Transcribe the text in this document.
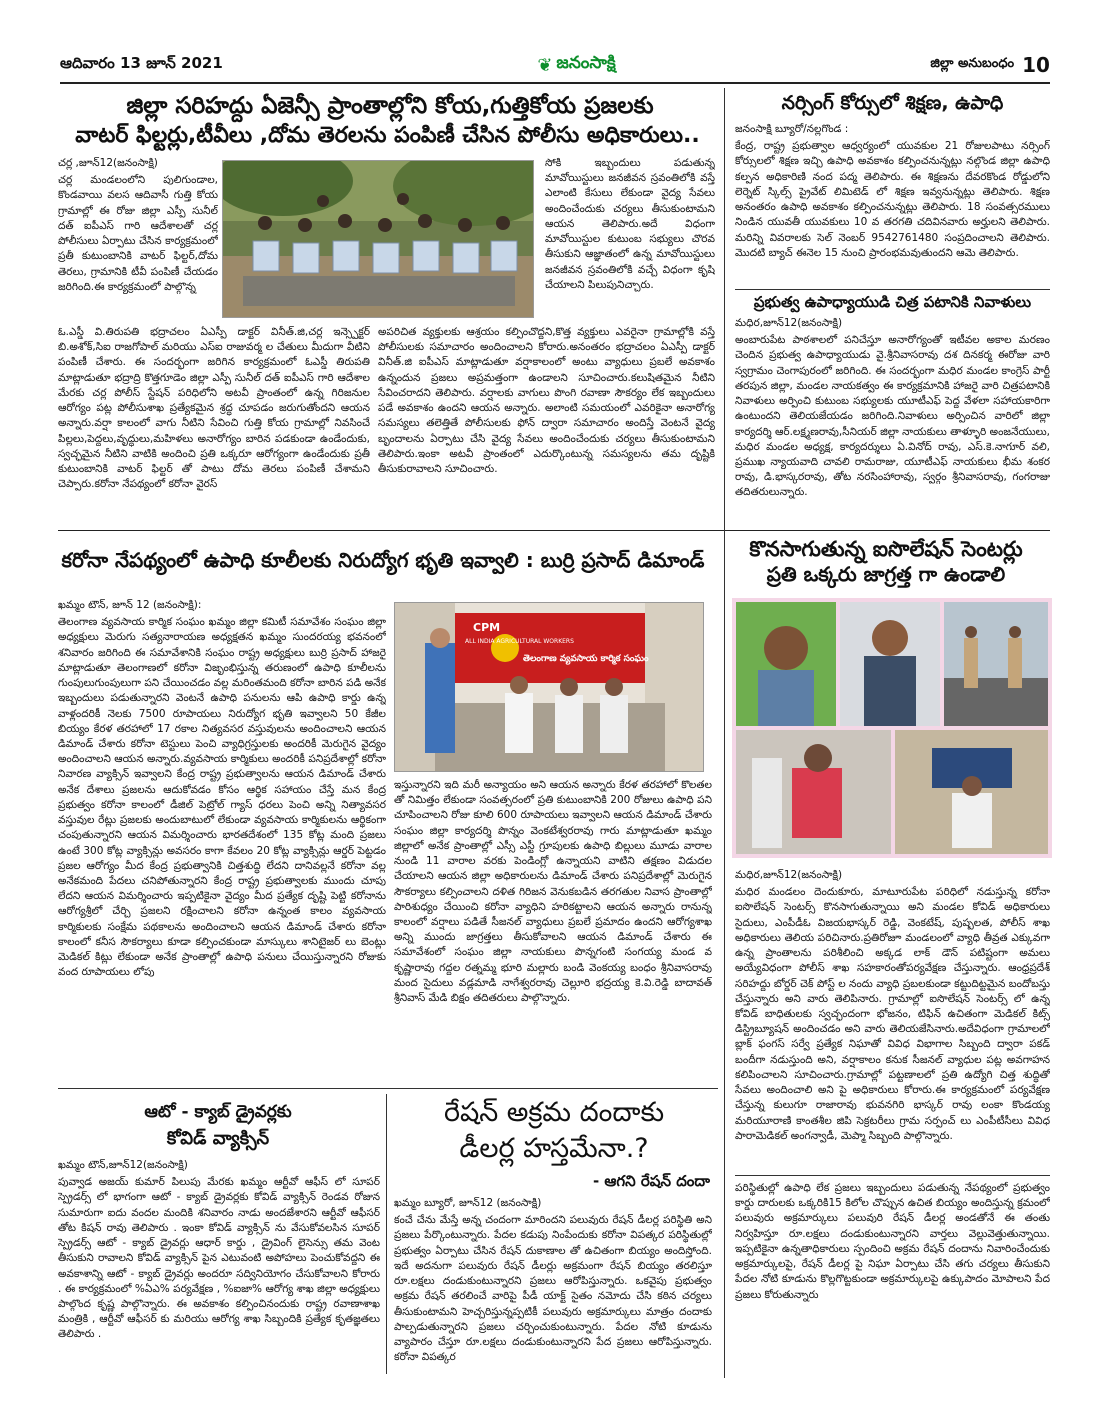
ఆదివారం 13 జూన్ 2021	❦ జనంసాక్షి	జిల్లా అనుబంధం 10
జిల్లా సరిహద్దు ఏజెన్సీ ప్రాంతాల్లోని కోయ,గుత్తికోయ ప్రజలకు
వాటర్ ఫిల్టర్లు,టీవీలు ,దోమ తెరలను పంపిణీ చేసిన పోలీసు అధికారులు..
చర్ల ,జూన్12(జనంసాక్షి)
చర్ల మండలంలోని పులిగుండాల, కొండవాయి వలస ఆదివాసీ గుత్తి కోయ గ్రామాల్లో ఈ రోజు జిల్లా ఎస్పీ సునీల్ దత్ ఐపీఎస్ గారి ఆదేశాలతో చర్ల పోలీసులు ఏర్పాటు చేసిన కార్యక్రమంలో ప్రతీ కుటుంబానికి వాటర్ ఫిల్టర్,దోమ తెరలు, గ్రామానికి టీవీ పంపిణీ చేయడం జరిగింది.ఈ కార్యక్రమంలో పాల్గొన్న
సోకి ఇబ్బందులు పడుతున్న మావోయిస్టులు జనజీవన స్రవంతిలోకి వస్తే ఎలాంటి కేసులు లేకుండా వైద్య సేవలు అందించేందుకు చర్యలు తీసుకుంటామని ఆయన తెలిపారు.అదే విధంగా మావోయిస్టుల కుటుంబ సభ్యులు చొరవ తీసుకుని ఆజ్ఞాతంలో ఉన్న మావోయిస్టులు జనజీవన స్రవంతిలోకి వచ్చే విధంగా కృషి చేయాలని పిలుపునిచ్చారు.
ఓ.ఎస్డీ వి.తిరుపతి భద్రాచలం ఏఎస్పీ డాక్టర్ వినీత్.జి,చర్ల ఇన్స్పెక్టర్ బి.అశోక్,సిఐ రాజగోపాల్ మరియు ఎస్ఐ రాజువర్మ ల చేతులు మీదుగా వీటిని పంపిణీ చేశారు. ఈ సందర్భంగా జరిగిన కార్యక్రమంలో ఓఎస్డీ తిరుపతి మాట్లాడుతూ భద్రాద్రి కొత్తగూడెం జిల్లా ఎస్పీ సునీల్ దత్ ఐపీఎస్ గారి ఆదేశాల మేరకు చర్ల పోలీస్ స్టేషన్ పరిధిలోని అటవీ ప్రాంతంలో ఉన్న గిరిజనుల ఆరోగ్యం పట్ల పోలీసుశాఖ ప్రత్యేకమైన శ్రద్ధ చూపడం జరుగుతోందని ఆయన అన్నారు.వర్షా కాలంలో వాగు నీటిని సేవించి గుత్తి కోయ గ్రామాల్లో నివసించే పిల్లలు,పెద్దలు,వృద్ధులు,మహిళలు అనారోగ్యం బారిన పడకుండా ఉండేందుకు, స్వచ్ఛమైన నీటిని వాటికి అందించి ప్రతి ఒక్కరూ ఆరోగ్యంగా ఉండేందుకు ప్రతీ కుటుంబానికి వాటర్ ఫిల్టర్ తో పాటు దోమ తెరలు పంపిణీ చేశామని చెప్పారు.కరోనా నేపథ్యంలో కరోనా వైరస్
అపరిచిత వ్యక్తులకు ఆశ్రయం కల్పించొద్దని,కొత్త వ్యక్తులు ఎవరైనా గ్రామాల్లోకి వస్తే పోలీసులకు సమాచారం అందించాలని కోరారు.అనంతరం భద్రాచలం ఏఎస్పీ డాక్టర్ వినీత్.జి ఐపీఎస్ మాట్లాడుతూ వర్షాకాలంలో అంటు వ్యాధులు ప్రబలే అవకాశం ఉన్నందున ప్రజలు అప్రమత్తంగా ఉండాలని సూచించారు.కలుషితమైన నీటిని సేవించరాదని తెలిపారు. వర్షాలకు వాగులు పొంగి రవాణా సౌకర్యం లేక ఇబ్బందులు పడే అవకాశం ఉందని ఆయన అన్నారు. అలాంటి సమయంలో ఎవరికైనా అనారోగ్య సమస్యలు తలెత్తితే పోలీసులకు ఫోన్ ద్వారా సమాచారం అందిస్తే వెంటనే వైద్య బృందాలను ఏర్పాటు చేసి వైద్య సేవలు అందించేందుకు చర్యలు తీసుకుంటామని తెలిపారు.ఇంకా అటవీ ప్రాంతంలో ఎదుర్కొంటున్న సమస్యలను తమ దృష్టికి తీసుకురావాలని సూచించారు.
నర్సింగ్ కోర్సులో శిక్షణ, ఉపాధి
జనంసాక్షి బ్యూరో/నల్లగొండ :
కేంద్ర, రాష్ట్ర ప్రభుత్వాల ఆధ్వర్యంలో యువకుల 21 రోజులపాటు నర్సింగ్ కోర్సులలో శిక్షణ ఇచ్చి ఉపాధి అవకాశం కల్పించనున్నట్లు నల్గొండ జిల్లా ఉపాధి కల్పన అధికారిణి నంద పద్మ తెలిపారు. ఈ శిక్షణను దేవరకొండ రోడ్డులోని లెర్నెట్ స్కిల్స్ ప్రైవేట్ లిమిటెడ్ లో శిక్షణ ఇవ్వనున్నట్లు తెలిపారు. శిక్షణ అనంతరం ఉపాధి అవకాశం కల్పించనున్నట్లు తెలిపారు. 18 సంవత్సరములు నిండిన యువతీ యువకులు 10 వ తరగతి చదివినవారు అర్హులని తెలిపారు. మరిన్ని వివరాలకు సెల్ నెంబర్ 9542761480 సంప్రదించాలని తెలిపారు. మొదటి బ్యాచ్ ఈనెల 15 నుంచి ప్రారంభమవుతుందని ఆమె తెలిపారు.
ప్రభుత్వ ఉపాధ్యాయుడి చిత్ర పటానికి నివాళులు
మధిర,జూన్12(జనంసాక్షి)
అంబారుపేట పాఠశాలలో పనిచేస్తూ అనారోగ్యంతో ఇటీవల అకాల మరణం చెందిన ప్రభుత్వ ఉపాధ్యాయుడు వై.శ్రీనివాసరావు దశ దినకర్మ ఈరోజు వారి స్వగ్రామం చెంగాపురంలో జరిగింది. ఈ సందర్భంగా మధిర మండల కాంగ్రెస్ పార్టీ తరపున జిల్లా, మండల నాయకత్వం ఈ కార్యక్రమానికి హాజరై వారి చిత్రపటానికి నివాళులు అర్పించి కుటుంబ సభ్యులకు యూటీఎఫ్ పెద్ద వేళలా సహాయకారిగా ఉంటుందని తెలియజేయడం జరిగింది.నివాళులు అర్పించిన వారిలో జిల్లా కార్యదర్శి ఆర్.లక్ష్మణరావు,సీనియర్ జిల్లా నాయకులు తాళ్ళూరి అంజనేయులు, మధిర మండల అధ్యక్ష, కార్యదర్శులు ఏ.వినోద్ రావు, ఎస్.కె.నాగూర్ వలి, ప్రముఖ న్యాయవాది చావలి రామరాజు, యూటీఎఫ్ నాయకులు భీమ శంకర రావు, డి.భాస్కరరావు, తోట నరసింహారావు, స్వర్గం శ్రీనివాసరావు, గంగరాజు తదితరులున్నారు.
కరోనా నేపథ్యంలో ఉపాధి కూలీలకు నిరుద్యోగ భృతి ఇవ్వాలి : బుర్రి ప్రసాద్ డిమాండ్
ఖమ్మం టౌన్, జూన్ 12 (జనంసాక్షి):
తెలంగాణ వ్యవసాయ కార్మిక సంఘం ఖమ్మం జిల్లా కమిటీ సమావేశం సంఘం జిల్లా అధ్యక్షులు మెరుగు సత్యనారాయణ అధ్యక్షతన ఖమ్మం సుందరయ్య భవనంలో శనివారం జరిగింది ఈ సమావేశానికి సంఘం రాష్ట్ర అధ్యక్షులు బుర్రి ప్రసాద్ హాజరై మాట్లాడుతూ తెలంగాణలో కరోనా విజృంభిస్తున్న తరుణంలో ఉపాధి కూలీలను గుంపులుగుంపులుగా పని చేయించడం వల్ల మరింతమంది కరోనా బారిన పడి అనేక ఇబ్బందులు పడుతున్నారని వెంటనే ఉపాధి పనులను ఆపి ఉపాధి కార్డు ఉన్న వాళ్లందరికీ నెలకు 7500 రూపాయలు నిరుద్యోగ భృతి ఇవ్వాలని 50 కేజీల బియ్యం కేరళ తరహాలో 17 రకాల నిత్యవసర వస్తువులను అందించాలని ఆయన డిమాండ్ చేశారు కరోనా టెస్టులు పెంచి వ్యాధిగ్రస్తులకు అందరికీ మెరుగైన వైద్యం అందించాలని ఆయన అన్నారు.వ్యవసాయ కార్మికులు అందరికీ పనిప్రదేశాల్లో కరోనా నివారణ వ్యాక్సిన్ ఇవ్వాలని కేంద్ర రాష్ట్ర ప్రభుత్వాలను ఆయన డిమాండ్ చేశారు అనేక దేశాలు ప్రజలను ఆదుకోవడం కోసం ఆర్థిక సహాయం చేస్తే మన కేంద్ర ప్రభుత్వం కరోనా కాలంలో డీజిల్ పెట్రోల్ గ్యాస్ ధరలు పెంచి అన్ని నిత్యావసర వస్తువుల రేట్లు ప్రజలకు అందుబాటులో లేకుండా వ్యవసాయ కార్మికులను ఆర్థికంగా చంపుతున్నారని ఆయన విమర్శించారు భారతదేశంలో 135 కోట్ల మంది ప్రజలు ఉంటే 300 కోట్ల వ్యాక్సిన్లు అవసరం కాగా కేవలం 20 కోట్ల వ్యాక్సిన్లు ఆర్డర్ పెట్టడం ప్రజల ఆరోగ్యం మీద కేంద్ర ప్రభుత్వానికి చిత్తశుద్ధి లేదని దానివల్లనే కరోనా వల్ల అనేకమంది పేదలు చనిపోతున్నారని కేంద్ర రాష్ట్ర ప్రభుత్వాలకు ముందు చూపు లేదని ఆయన విమర్శించారు ఇప్పటికైనా వైద్యం మీద ప్రత్యేక దృష్టి పెట్టి కరోనాను ఆరోగ్యశ్రీలో చేర్చి ప్రజలని రక్షించాలని కరోనా ఉన్నంత కాలం వ్యవసాయ కార్మికులకు సంక్షేమ పథకాలను అందించాలని ఆయన డిమాండ్ చేశారు కరోనా కాలంలో కనీస సౌకర్యాలు కూడా కల్పించకుండా మాస్కులు శానిటైజర్ లు బెంట్లు మెడికల్ కిట్లు లేకుండా అనేక ప్రాంతాల్లో ఉపాధి పనులు చేయిస్తున్నారని రోజుకు వంద రూపాయలు లోపు
CPM
ALL INDIA AGRICULTURAL WORKERS
తెలంగాణ వ్యవసాయ కార్మిక సంఘం
ఇస్తున్నారని ఇది మరీ అన్యాయం అని ఆయన అన్నారు కేరళ తరహాలో కొలతల తో నిమిత్తం లేకుండా సంవత్సరంలో ప్రతి కుటుంబానికి 200 రోజులు ఉపాధి పని చూపించాలని రోజు కూలి 600 రూపాయలు ఇవ్వాలని ఆయన డిమాండ్ చేశారు సంఘం జిల్లా కార్యదర్శి పొన్నం వెంకటేశ్వరరావు గారు మాట్లాడుతూ ఖమ్మం జిల్లాలో అనేక ప్రాంతాల్లో ఎస్సీ ఎస్టీ గ్రూపులకు ఉపాధి బిల్లులు మూడు వారాల నుండి 11 వారాల వరకు పెండింగ్లో ఉన్నాయని వాటిని తక్షణం విడుదల చేయాలని ఆయన జిల్లా అధికారులను డిమాండ్ చేశారు పనిప్రదేశాల్లో మెరుగైన సౌకర్యాలు కల్పించాలని దళిత గిరిజన వెనుకబడిన తరగతుల నివాస ప్రాంతాల్లో పారిశుధ్యం చేయించి కరోనా వ్యాధిని హరికట్టాలని ఆయన అన్నారు రానున్న కాలంలో వర్షాలు పడితే సీజనల్ వ్యాధులు ప్రబలే ప్రమాదం ఉందని ఆరోగ్యశాఖ అన్ని ముందు జాగ్రత్తలు తీసుకోవాలని ఆయన డిమాండ్ చేశారు ఈ సమావేశంలో సంఘం జిల్లా నాయకులు పొన్నగంటి సంగయ్య మండ వ కృష్ణారావు గద్దల రత్నమ్మ భూరి మల్లారు బండి వెంకయ్య బంధం శ్రీనివాసరావు మంద సైదులు వడ్లమాడి నాగేశ్వరరావు చెల్లూరి భద్రయ్య కె.వి.రెడ్డి బాదావత్ శ్రీనివాస్ మేడి బిక్షం తదితరులు పాల్గొన్నారు.
కొనసాగుతున్న ఐసొలేషన్ సెంటర్లు
ప్రతి ఒక్కరు జాగ్రత్త గా ఉండాలి
మధిర,జూన్12(జనంసాక్షి)
మధిర మండలం దెందుకూరు, మాటూరుపేట పరిధిలో నడుస్తున్న కరోనా ఐసొలేషన్ సెంటర్స్ కొనసాగుతున్నాయి అని మండల కోవిడ్ అధికారులు సైదులు, ఎంపీడీఓ విజయభాస్కర్ రెడ్డి, వెంకటేష్, పుష్పలత, పోలీస్ శాఖ అధికారులు తెలియ పరిచినారు.ప్రతిరోజూ మండలంలో వ్యాధి తీవ్రత ఎక్కువగా ఉన్న ప్రాంతాలను పరిశీలించి అక్కడ లాక్ డౌన్ పటిష్టంగా అమలు అయ్యేవిధంగా పోలీస్ శాఖ సహకారంతోపర్యవేక్షణ చేస్తున్నారు. ఆంధ్రప్రదేశ్ సరిహద్దు బోర్డర్ చెక్ పోస్ట్ ల నందు వ్యాధి ప్రబలకుండా కట్టుదిట్టమైన బందోబస్తు చేస్తున్నారు అని వారు తెలిపినారు. గ్రామాల్లో ఐసొలేషన్ సెంటర్స్ లో ఉన్న కోవిడ్ బాధితులకు స్వచ్ఛందంగా భోజనం, టిఫిన్ ఉచితంగా మెడికల్ కిట్స్ డిస్ట్రిబ్యూషన్ అందించడం అని వారు తెలియజేసినారు.అదేవిధంగా గ్రామాలలో బ్లాక్ ఫంగస్ సర్వే ప్రత్యేక నిఘాతో వివిధ విభాగాల సిబ్బంది ద్వారా పకడ్ బందీగా నడుస్తుంది అని, వర్షాకాలం కనుక సీజనల్ వ్యాధుల పట్ల అవగాహన కలిపించాలని సూచించారు.గ్రామాల్లో పట్టణాలలో ప్రతి ఉద్యోగి చిత్త శుద్ధితో సేవలు అందించాలి అని పై అధికారులు కోరారు.ఈ కార్యక్రమంలో పర్యవేక్షణ చేస్తున్న కులుగూ రాజారావు భువనగిరి భాస్కర్ రావు లంకా కొండయ్య మరియూరాణి కాంతశీల జిపి సెక్రటరీలు గ్రామ సర్పంచ్ లు ఎంపీటీసీలు వివిధ పారామెడికల్ అంగన్వాడీ, మెప్మా సిబ్బంది పాల్గొన్నారు.
పరిస్థితుల్లో ఉపాధి లేక ప్రజలు ఇబ్బందులు పడుతున్న నేపథ్యంలో ప్రభుత్వం కార్డు దారులకు ఒక్కరికి15 కిలోల చొప్పున ఉచిత బియ్యం అందిస్తున్న క్రమంలో పలువురు అక్రమార్కులు పలువురి రేషన్ డీలర్ల అండతోనే ఈ తంతు నిర్వహిస్తూ రూ.లక్షలు దండుకుంటున్నారని వార్తలు వెల్లువెత్తుతున్నాయి. ఇప్పటికైనా ఉన్నతాధికారులు స్పందించి అక్రమ రేషన్ దందాను నివారించేందుకు అక్రమార్కులపై, రేషన్ డీలర్ల పై నిఘా ఏర్పాటు చేసి తగు చర్యలు తీసుకుని పేదల నోటి కూడును కొల్లగొట్టకుండా అక్రమార్కులపై ఉక్కుపాదం మోపాలని పేద ప్రజలు కోరుతున్నారు
ఆటో - క్యాబ్ డ్రైవర్లకు
కోవిడ్ వ్యాక్సిన్
ఖమ్మం టౌన్,జూన్12(జనంసాక్షి)
పువ్వాడ అజయ్ కుమార్ పిలుపు మేరకు ఖమ్మం ఆర్టీవో ఆఫీస్ లో సూపర్ స్ప్రెడర్స్ లో భాగంగా ఆటో - క్యాబ్ డ్రైవర్లకు కోవిడ్ వ్యాక్సిన్ రెండవ రోజున సుమారుగా ఐదు వందల మందికి శనివారం నాడు అందజేశారని ఆర్టీవో ఆఫీసర్ తోట కిషన్ రావు తెలిపారు . ఇంకా కోవిడ్ వ్యాక్సిన్ ను వేసుకోవలసిన సూపర్ స్ప్రెడర్స్ ఆటో - క్యాబ్ డ్రైవర్లు ఆధార్ కార్డు , డ్రైవింగ్ లైసెన్సు తమ వెంట తీసుకుని రావాలని కోవిడ్ వ్యాక్సిన్ పైన ఎటువంటి అపోహలు పెంచుకోవద్దని ఈ అవకాశాన్ని ఆటో - క్యాబ్ డ్రైవర్లు అందరూ సద్వినియోగం చేసుకోవాలని కోరారు . ఈ కార్యక్రమంలో %ఏఎ% పర్యవేక్షణ , %ఐజా% ఆరోగ్య శాఖ జిల్లా అధ్యక్షులు పాల్గొంద కృష్ణ పాల్గొన్నారు. ఈ అవకాశం కల్పించినందుకు రాష్ట్ర రవాణాశాఖ మంత్రికి , ఆర్టీవో ఆఫీసర్ కు మరియు ఆరోగ్య శాఖ సిబ్బందికి ప్రత్యేక కృతజ్ఞతలు తెలిపారు .
రేషన్ అక్రమ దందాకు
డీలర్ల హస్తమేనా.?
- ఆగని రేషన్ దందా
ఖమ్మం బ్యూరో, జూన్12 (జనంసాక్షి)
కంచే చేను మేస్తే అన్న చందంగా మారిందని పలువురు రేషన్ డీలర్ల పరిస్థితి అని ప్రజలు పేర్కొంటున్నారు. పేదల కడుపు నింపేందుకు కరోనా విపత్కర పరిస్థితుల్లో ప్రభుత్వం ఏర్పాటు చేసిన రేషన్ దుకాణాల తో ఉచితంగా బియ్యం అందిస్తోంది. ఇదే అదనుగా పలువురు రేషన్ డీలర్లు అక్రమంగా రేషన్ బియ్యం తరలిస్తూ రూ.లక్షలు దండుకుంటున్నారని ప్రజలు ఆరోపిస్తున్నారు. ఒకవైపు ప్రభుత్వం అక్రమ రేషన్ తరలించే వారిపై పీడీ యాక్ట్ సైతం నమోదు చేసి కఠిన చర్యలు తీసుకుంటామని హెచ్చరిస్తున్నప్పటికీ పలువురు అక్రమార్కులు మాత్రం దందాకు పాల్పడుతున్నారని ప్రజలు చర్చించుకుంటున్నారు. పేదల నోటి కూడును వ్యాపారం చేస్తూ రూ.లక్షలు దండుకుంటున్నారని పేద ప్రజలు ఆరోపిస్తున్నారు. కరోనా విపత్కర
